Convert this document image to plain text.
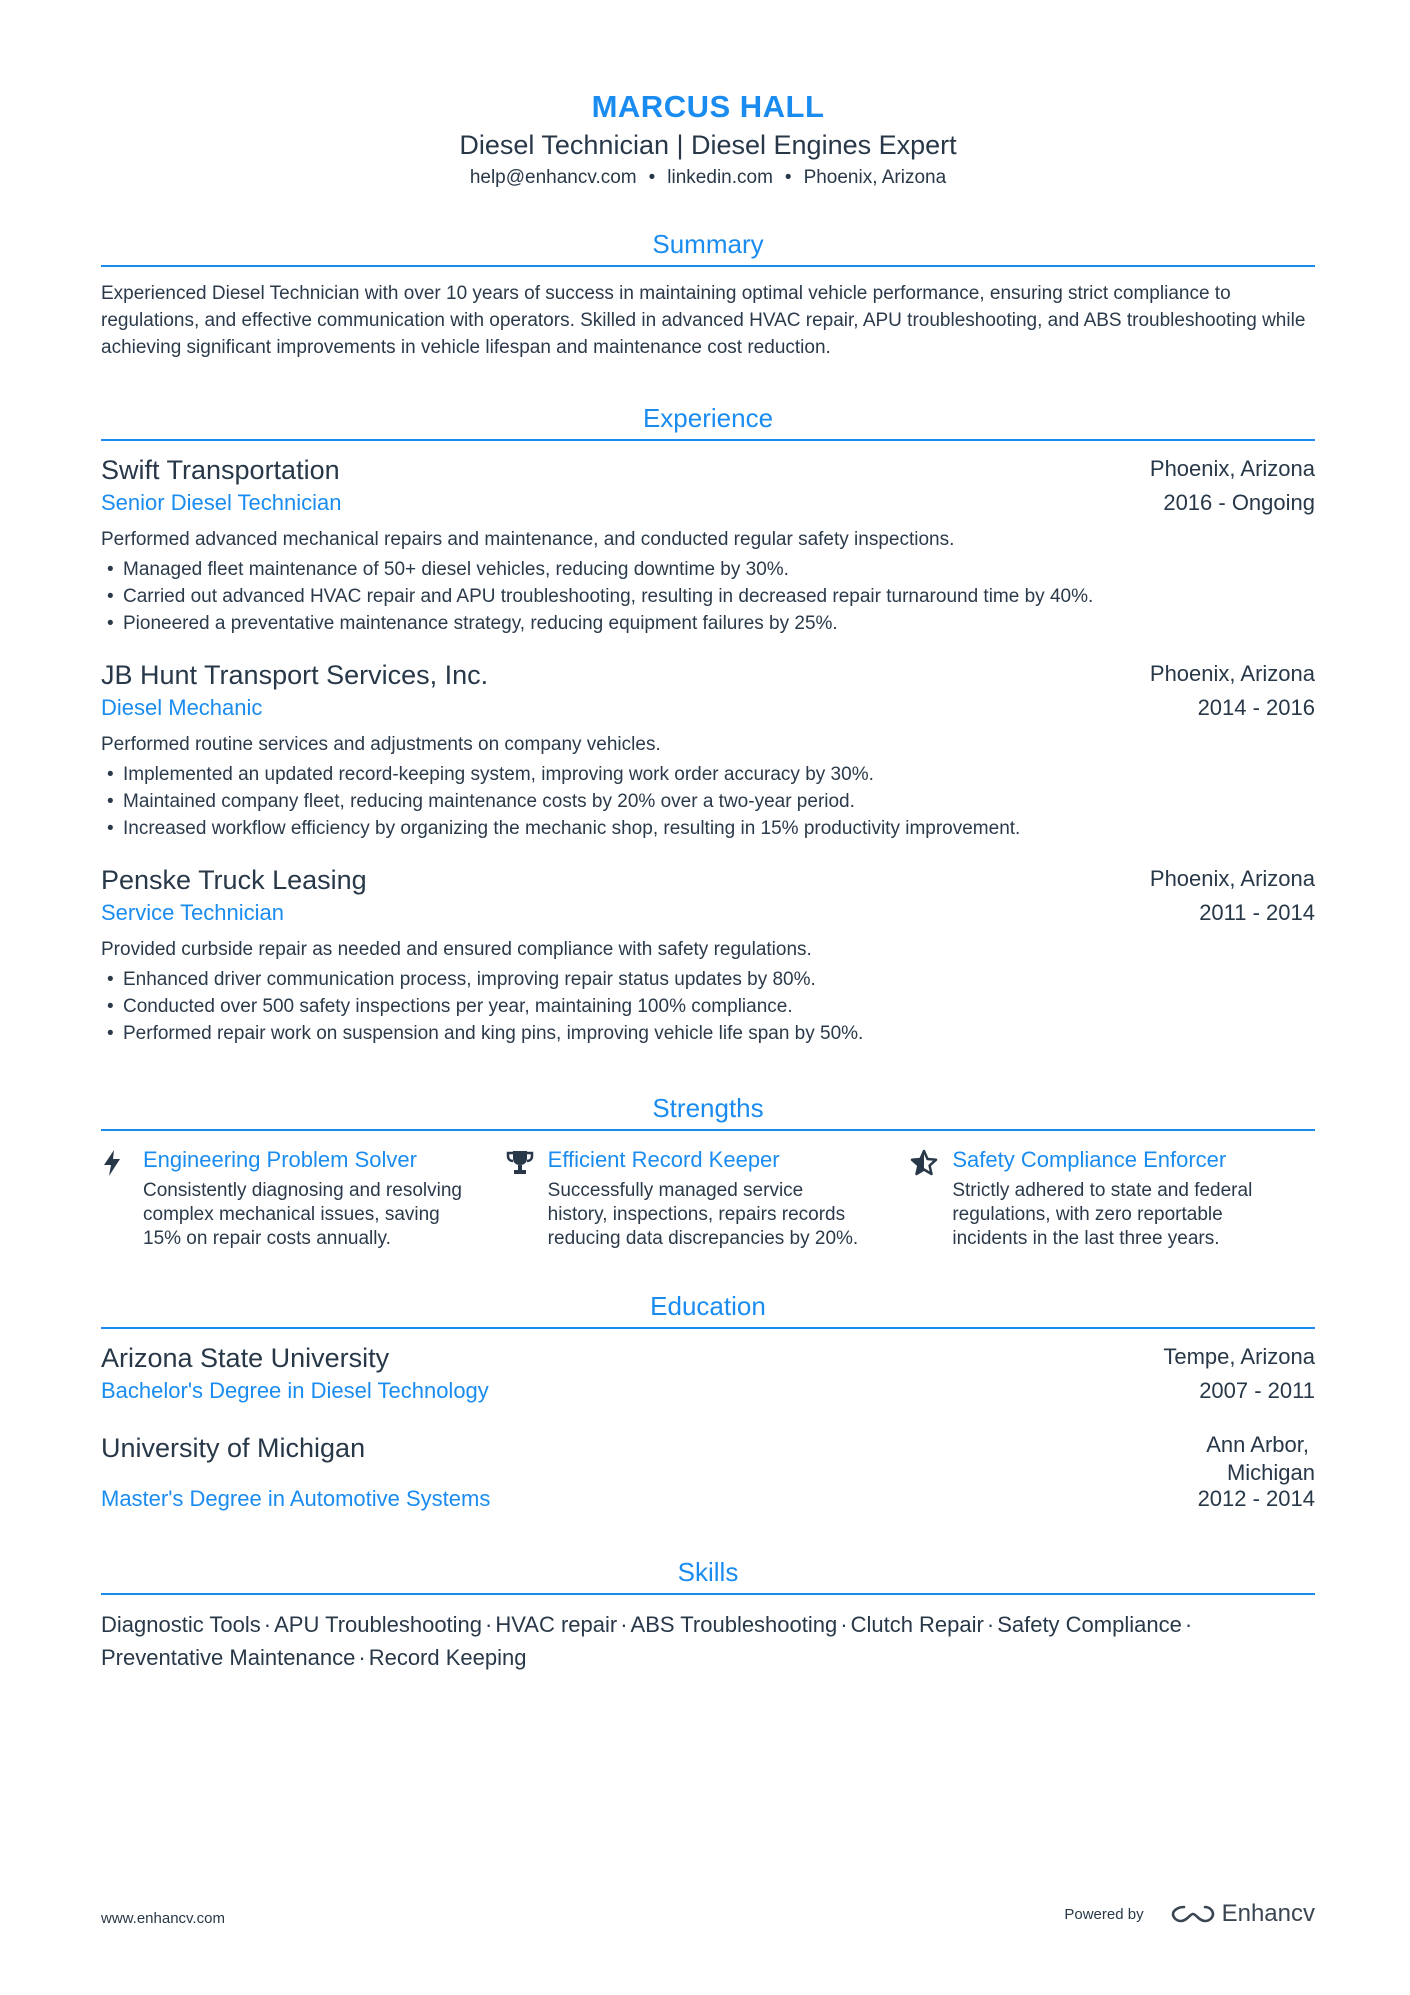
MARCUS HALL
Diesel Technician | Diesel Engines Expert
help@enhancv.com • linkedin.com • Phoenix, Arizona
Summary
Experienced Diesel Technician with over 10 years of success in maintaining optimal vehicle performance, ensuring strict compliance to regulations, and effective communication with operators. Skilled in advanced HVAC repair, APU troubleshooting, and ABS troubleshooting while achieving significant improvements in vehicle lifespan and maintenance cost reduction.
Experience
Swift Transportation	Phoenix, Arizona
Senior Diesel Technician	2016 - Ongoing
Performed advanced mechanical repairs and maintenance, and conducted regular safety inspections.
• Managed fleet maintenance of 50+ diesel vehicles, reducing downtime by 30%.
• Carried out advanced HVAC repair and APU troubleshooting, resulting in decreased repair turnaround time by 40%.
• Pioneered a preventative maintenance strategy, reducing equipment failures by 25%.
JB Hunt Transport Services, Inc.	Phoenix, Arizona
Diesel Mechanic	2014 - 2016
Performed routine services and adjustments on company vehicles.
• Implemented an updated record-keeping system, improving work order accuracy by 30%.
• Maintained company fleet, reducing maintenance costs by 20% over a two-year period.
• Increased workflow efficiency by organizing the mechanic shop, resulting in 15% productivity improvement.
Penske Truck Leasing	Phoenix, Arizona
Service Technician	2011 - 2014
Provided curbside repair as needed and ensured compliance with safety regulations.
• Enhanced driver communication process, improving repair status updates by 80%.
• Conducted over 500 safety inspections per year, maintaining 100% compliance.
• Performed repair work on suspension and king pins, improving vehicle life span by 50%.
Strengths
Engineering Problem Solver
Consistently diagnosing and resolving complex mechanical issues, saving 15% on repair costs annually.
Efficient Record Keeper
Successfully managed service history, inspections, repairs records reducing data discrepancies by 20%.
Safety Compliance Enforcer
Strictly adhered to state and federal regulations, with zero reportable incidents in the last three years.
Education
Arizona State University	Tempe, Arizona
Bachelor's Degree in Diesel Technology	2007 - 2011
University of Michigan	Ann Arbor,
Michigan
Master's Degree in Automotive Systems	2012 - 2014
Skills
Diagnostic Tools · APU Troubleshooting · HVAC repair · ABS Troubleshooting · Clutch Repair · Safety Compliance ·
Preventative Maintenance · Record Keeping
www.enhancv.com	Powered by	Enhancv
